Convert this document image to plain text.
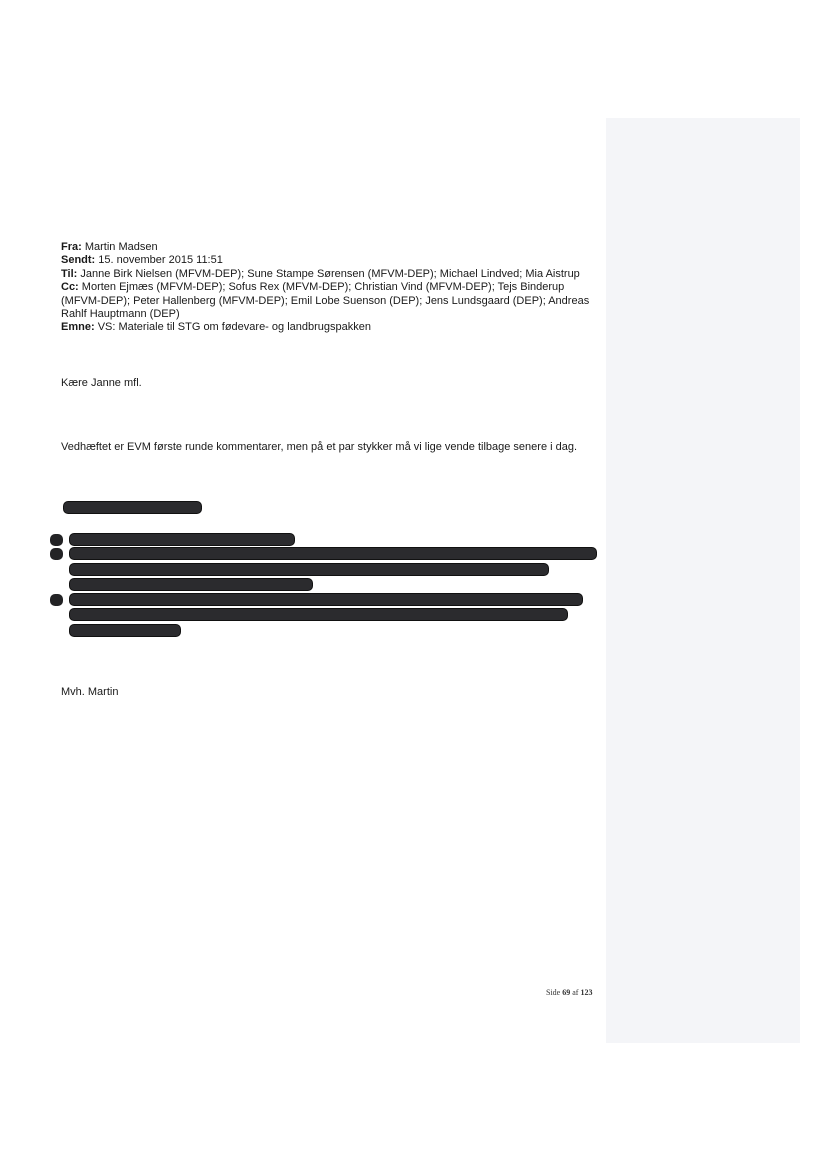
Fra: Martin Madsen
Sendt: 15. november 2015 11:51
Til: Janne Birk Nielsen (MFVM-DEP); Sune Stampe Sørensen (MFVM-DEP); Michael Lindved; Mia Aistrup
Cc: Morten Ejmæs (MFVM-DEP); Sofus Rex (MFVM-DEP); Christian Vind (MFVM-DEP); Tejs Binderup (MFVM-DEP); Peter Hallenberg (MFVM-DEP); Emil Lobe Suenson (DEP); Jens Lundsgaard (DEP); Andreas Rahlf Hauptmann (DEP)
Emne: VS: Materiale til STG om fødevare- og landbrugspakken
Kære Janne mfl.
Vedhæftet er EVM første runde kommentarer, men på et par stykker må vi lige vende tilbage senere i dag.
Mvh. Martin
Side 69 af 123
